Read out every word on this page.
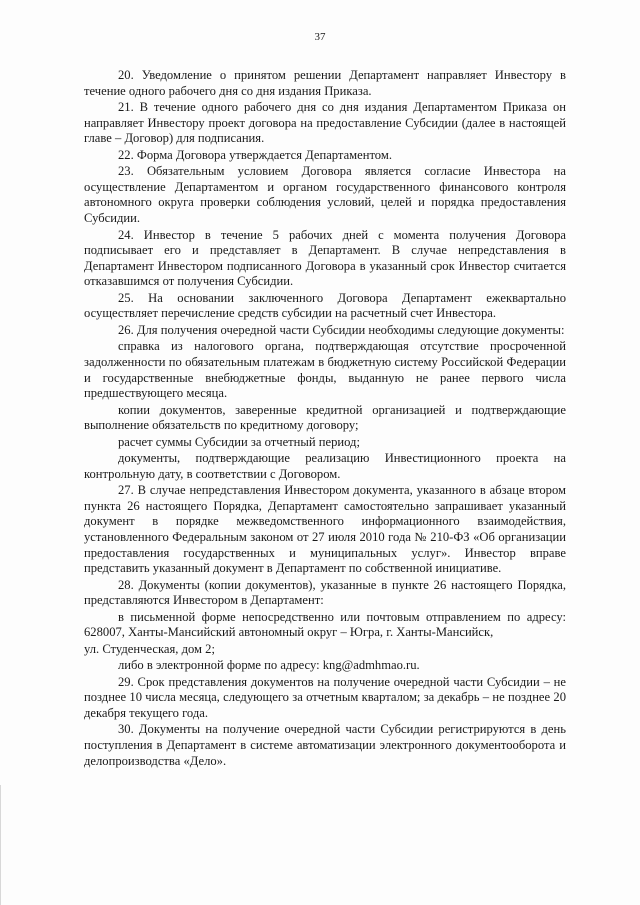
37

20. Уведомление о принятом решении Департамент направляет Инвестору в течение одного рабочего дня со дня издания Приказа.

21. В течение одного рабочего дня со дня издания Департаментом Приказа он направляет Инвестору проект договора на предоставление Субсидии (далее в настоящей главе – Договор) для подписания.

22. Форма Договора утверждается Департаментом.

23. Обязательным условием Договора является согласие Инвестора на осуществление Департаментом и органом государственного финансового контроля автономного округа проверки соблюдения условий, целей и порядка предоставления Субсидии.

24. Инвестор в течение 5 рабочих дней с момента получения Договора подписывает его и представляет в Департамент. В случае непредставления в Департамент Инвестором подписанного Договора в указанный срок Инвестор считается отказавшимся от получения Субсидии.

25. На основании заключенного Договора Департамент ежеквартально осуществляет перечисление средств субсидии на расчетный счет Инвестора.

26. Для получения очередной части Субсидии необходимы следующие документы:

справка из налогового органа, подтверждающая отсутствие просроченной задолженности по обязательным платежам в бюджетную систему Российской Федерации и государственные внебюджетные фонды, выданную не ранее первого числа предшествующего месяца.

копии документов, заверенные кредитной организацией и подтверждающие выполнение обязательств по кредитному договору;

расчет суммы Субсидии за отчетный период;

документы, подтверждающие реализацию Инвестиционного проекта на контрольную дату, в соответствии с Договором.

27. В случае непредставления Инвестором документа, указанного в абзаце втором пункта 26 настоящего Порядка, Департамент самостоятельно запрашивает указанный документ в порядке межведомственного информационного взаимодействия, установленного Федеральным законом от 27 июля 2010 года № 210-ФЗ «Об организации предоставления государственных и муниципальных услуг». Инвестор вправе представить указанный документ в Департамент по собственной инициативе.

28. Документы (копии документов), указанные в пункте 26 настоящего Порядка, представляются Инвестором в Департамент:

в письменной форме непосредственно или почтовым отправлением по адресу: 628007, Ханты-Мансийский автономный округ – Югра, г. Ханты-Мансийск,

ул. Студенческая, дом 2;

либо в электронной форме по адресу: kng@admhmao.ru.

29. Срок представления документов на получение очередной части Субсидии – не позднее 10 числа месяца, следующего за отчетным кварталом; за декабрь – не позднее 20 декабря текущего года.

30. Документы на получение очередной части Субсидии регистрируются в день поступления в Департамент в системе автоматизации электронного документооборота и делопроизводства «Дело».
